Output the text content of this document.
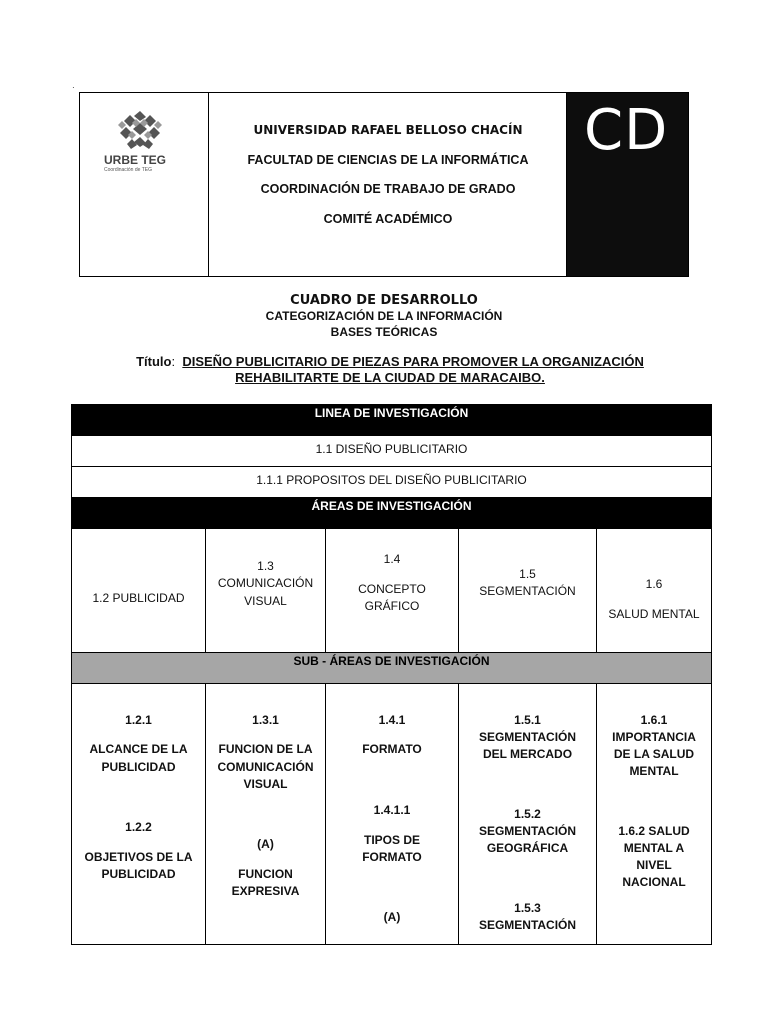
·
URBE TEG
Coordinación de TEG
UNIVERSIDAD RAFAEL BELLOSO CHACÍN
FACULTAD DE CIENCIAS DE LA INFORMÁTICA
COORDINACIÓN DE TRABAJO DE GRADO
COMITÉ ACADÉMICO
CD
CUADRO DE DESARROLLO
CATEGORIZACIÓN DE LA INFORMACIÓN
BASES TEÓRICAS
Título:  DISEÑO PUBLICITARIO DE PIEZAS PARA PROMOVER LA ORGANIZACIÓN REHABILITARTE DE LA CIUDAD DE MARACAIBO.
LINEA DE INVESTIGACIÓN
1.1 DISEÑO PUBLICITARIO
1.1.1 PROPOSITOS DEL DISEÑO PUBLICITARIO
ÁREAS DE INVESTIGACIÓN
1.2 PUBLICIDAD
1.3
COMUNICACIÓN
VISUAL
1.4
CONCEPTO
GRÁFICO
1.5
SEGMENTACIÓN	1.6
SALUD MENTAL
SUB - ÁREAS DE INVESTIGACIÓN
1.2.1
ALCANCE DE LA
PUBLICIDAD
1.2.2
OBJETIVOS DE LA
PUBLICIDAD
1.3.1
FUNCION DE LA
COMUNICACIÓN
VISUAL
(A)
FUNCION
EXPRESIVA
1.4.1
FORMATO
1.4.1.1
TIPOS DE
FORMATO
(A)
1.5.1
SEGMENTACIÓN
DEL MERCADO
1.5.2
SEGMENTACIÓN
GEOGRÁFICA
1.5.3
SEGMENTACIÓN
1.6.1
IMPORTANCIA
DE LA SALUD
MENTAL
1.6.2 SALUD
MENTAL A
NIVEL
NACIONAL
